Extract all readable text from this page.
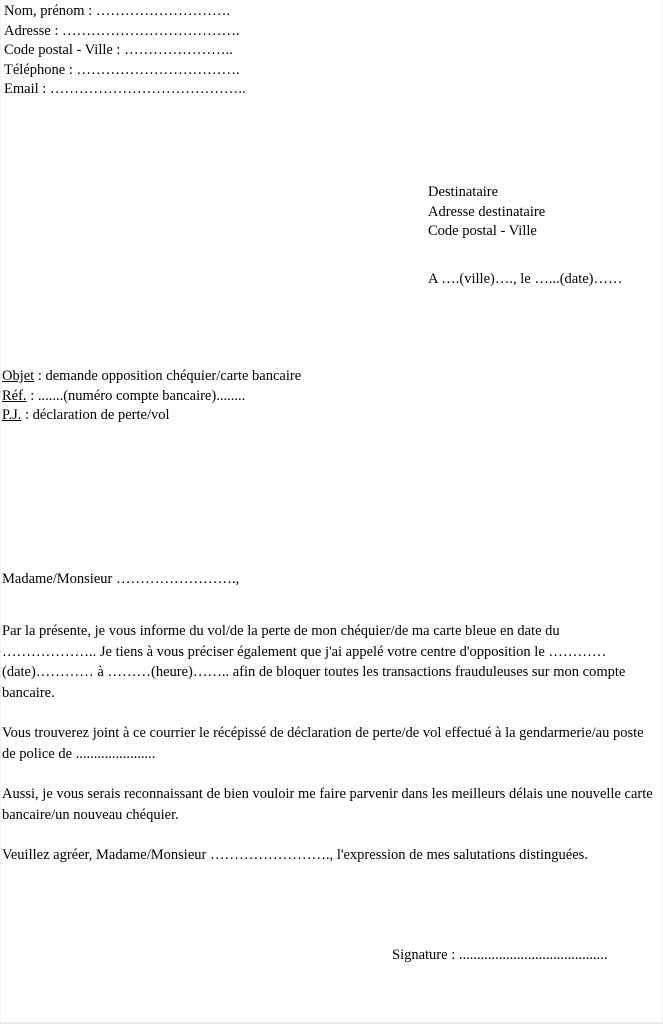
Nom, prénom : ……………………….
Adresse : ……………………………….
Code postal - Ville : …………………..
Téléphone : …………………………….
Email : …………………………………..
Destinataire
Adresse destinataire
Code postal - Ville
A ….(ville)…., le …...(date)……
Objet : demande opposition chéquier/carte bancaire
Réf. : .......(numéro compte bancaire)........
P.J. : déclaration de perte/vol
Madame/Monsieur …………………….,

Par la présente, je vous informe du vol/de la perte de mon chéquier/de ma carte bleue en date du ……………….. Je tiens à vous préciser également que j'ai appelé votre centre d'opposition le …………(date)………… à ………(heure)…….. afin de bloquer toutes les transactions frauduleuses sur mon compte bancaire.

Vous trouverez joint à ce courrier le récépissé de déclaration de perte/de vol effectué à la gendarmerie/au poste de police de ......................

Aussi, je vous serais reconnaissant de bien vouloir me faire parvenir dans les meilleurs délais une nouvelle carte bancaire/un nouveau chéquier.

Veuillez agréer, Madame/Monsieur ……………………., l'expression de mes salutations distinguées.

Signature : .........................................
